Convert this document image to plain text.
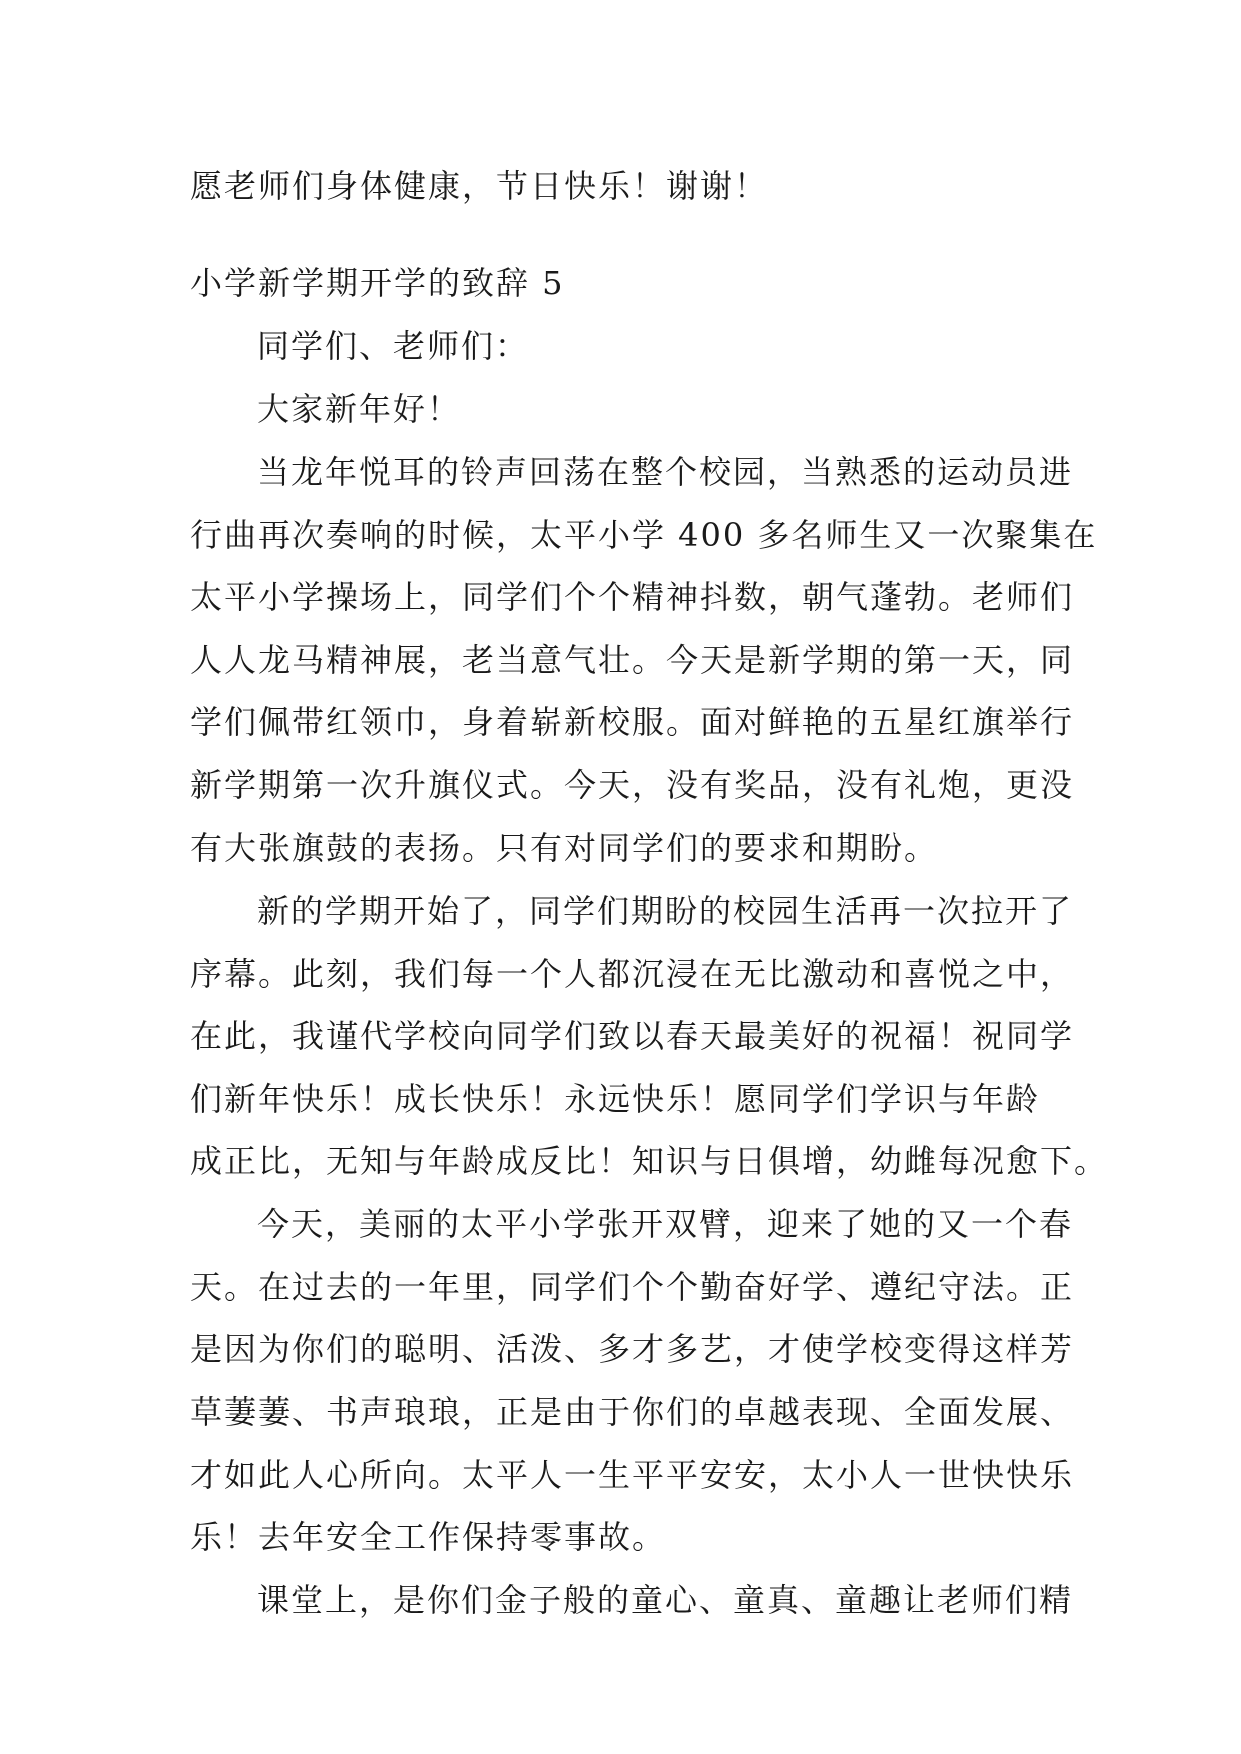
愿老师们身体健康，节日快乐！谢谢！
小学新学期开学的致辞 5
同学们、老师们：
大家新年好！
当龙年悦耳的铃声回荡在整个校园，当熟悉的运动员进
行曲再次奏响的时候，太平小学 400 多名师生又一次聚集在
太平小学操场上，同学们个个精神抖数，朝气蓬勃。老师们
人人龙马精神展，老当意气壮。今天是新学期的第一天，同
学们佩带红领巾，身着崭新校服。面对鲜艳的五星红旗举行
新学期第一次升旗仪式。今天，没有奖品，没有礼炮，更没
有大张旗鼓的表扬。只有对同学们的要求和期盼。
新的学期开始了，同学们期盼的校园生活再一次拉开了
序幕。此刻，我们每一个人都沉浸在无比激动和喜悦之中，
在此，我谨代学校向同学们致以春天最美好的祝福！祝同学
们新年快乐！成长快乐！永远快乐！愿同学们学识与年龄
成正比，无知与年龄成反比！知识与日俱增，幼雌每况愈下。
今天，美丽的太平小学张开双臂，迎来了她的又一个春
天。在过去的一年里，同学们个个勤奋好学、遵纪守法。正
是因为你们的聪明、活泼、多才多艺，才使学校变得这样芳
草萋萋、书声琅琅，正是由于你们的卓越表现、全面发展、
才如此人心所向。太平人一生平平安安，太小人一世快快乐
乐！去年安全工作保持零事故。
课堂上，是你们金子般的童心、童真、童趣让老师们精
